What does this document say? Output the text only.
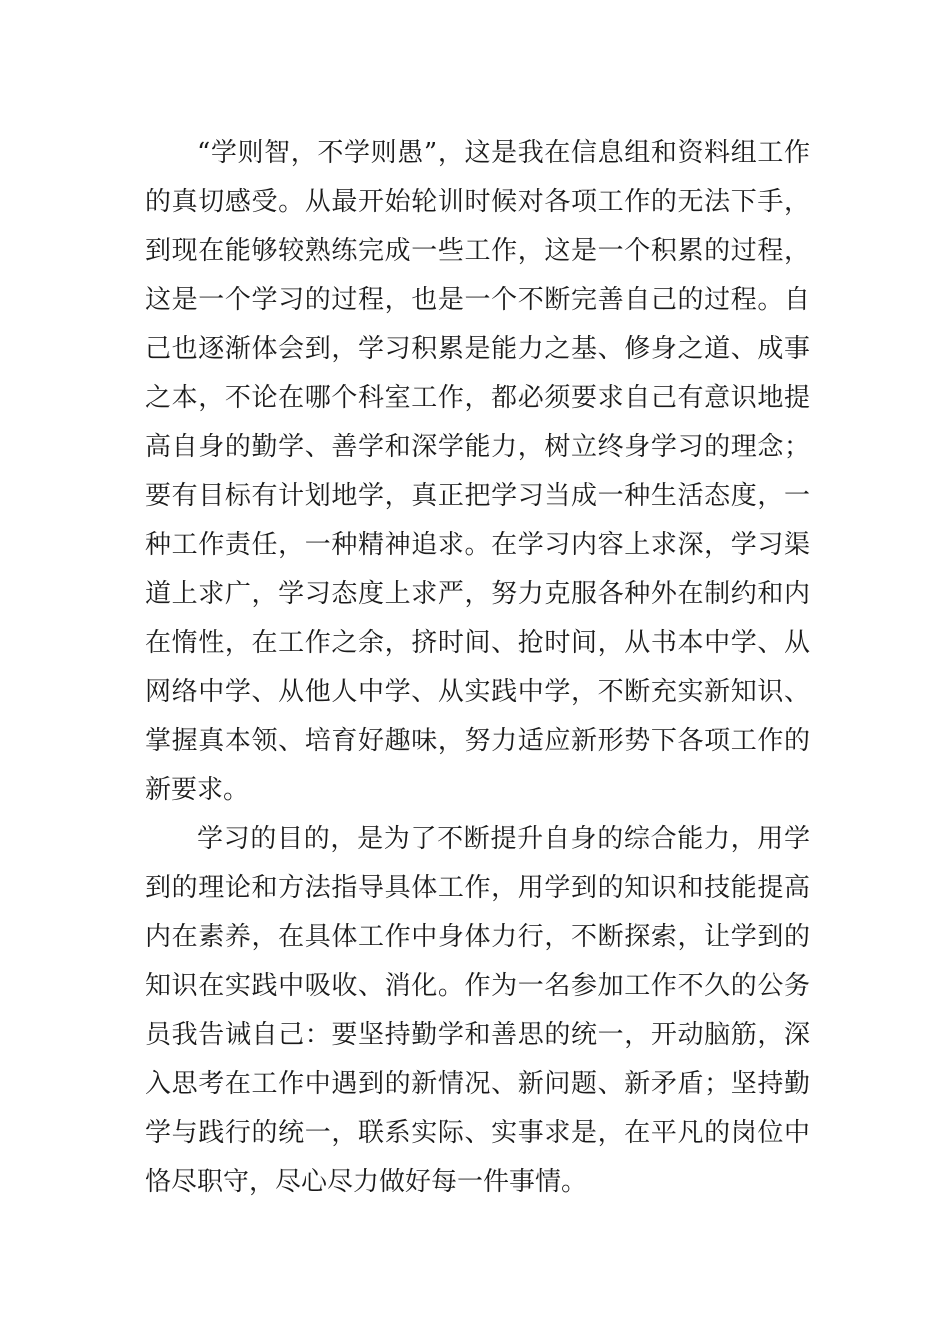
“学则智，不学则愚”，这是我在信息组和资料组工作的真切感受。从最开始轮训时候对各项工作的无法下手，到现在能够较熟练完成一些工作，这是一个积累的过程，这是一个学习的过程，也是一个不断完善自己的过程。自己也逐渐体会到，学习积累是能力之基、修身之道、成事之本，不论在哪个科室工作，都必须要求自己有意识地提高自身的勤学、善学和深学能力，树立终身学习的理念；要有目标有计划地学，真正把学习当成一种生活态度，一种工作责任，一种精神追求。在学习内容上求深，学习渠道上求广，学习态度上求严，努力克服各种外在制约和内在惰性，在工作之余，挤时间、抢时间，从书本中学、从网络中学、从他人中学、从实践中学，不断充实新知识、掌握真本领、培育好趣味，努力适应新形势下各项工作的新要求。

学习的目的，是为了不断提升自身的综合能力，用学到的理论和方法指导具体工作，用学到的知识和技能提高内在素养，在具体工作中身体力行，不断探索，让学到的知识在实践中吸收、消化。作为一名参加工作不久的公务员我告诫自己：要坚持勤学和善思的统一，开动脑筋，深入思考在工作中遇到的新情况、新问题、新矛盾；坚持勤学与践行的统一，联系实际、实事求是，在平凡的岗位中恪尽职守，尽心尽力做好每一件事情。
